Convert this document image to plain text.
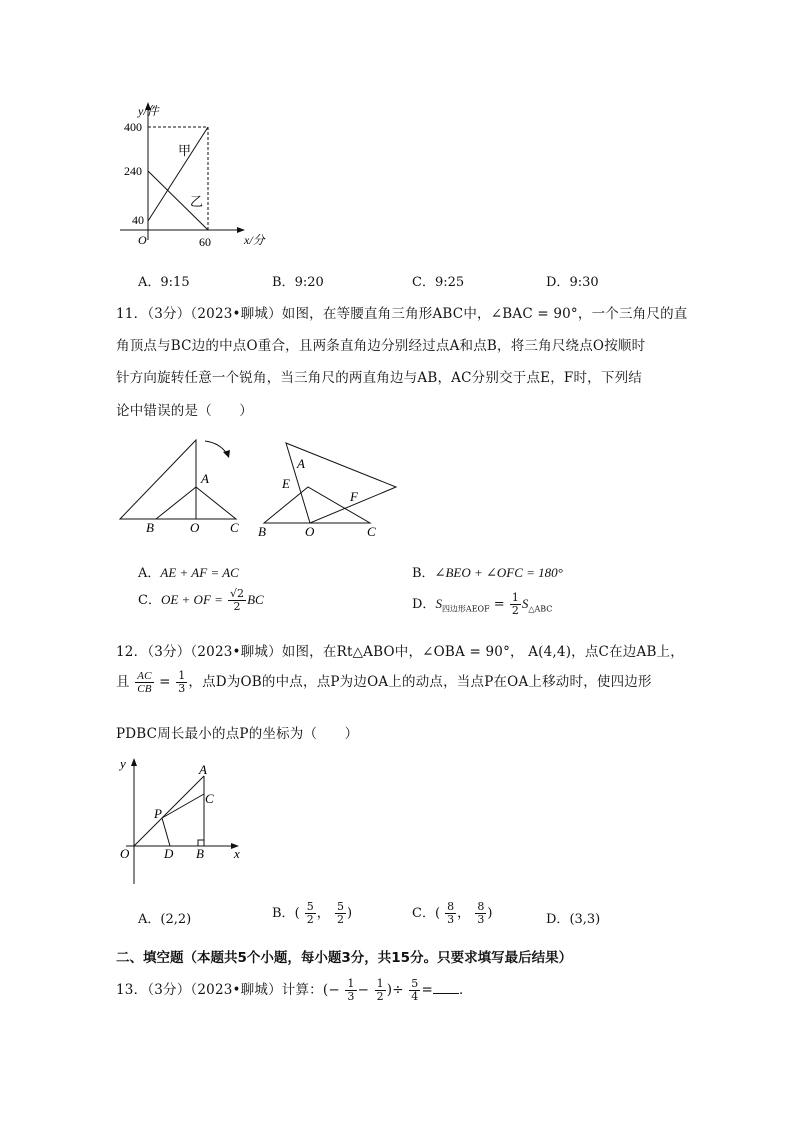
y/件
400
240
40
O	60	x/分
甲
乙
A．9:15	B．9:20	C．9:25	D．9:30
11．（3分）（2023•聊城）如图，在等腰直角三角形ABC中，∠BAC = 90°，一个三角尺的直
角顶点与BC边的中点O重合，且两条直角边分别经过点A和点B，将三角尺绕点O按顺时
针方向旋转任意一个锐角，当三角尺的两直角边与AB，AC分别交于点E，F时，下列结
论中错误的是（　　）
A
B	O C
A
E
F
B	O	C
A．AE + AF = AC	B．∠BEO + ∠OFC = 180°
C．OE + OF = $\frac{√2}{2}$ BC	D．$S_{四边形AEOF} = \frac{1}{2} S_{\triangle ABC}$
12．（3分）（2023•聊城）如图，在Rt△ABO中，∠OBA = 90°， A(4,4)，点C在边AB上，
且 $\frac{AC}{CB} = \frac{1}{3}$ ，点D为OB的中点，点P为边OA上的动点，当点P在OA上移动时，使四边形
PDBC周长最小的点P的坐标为（　　）
y	A
C
P
O	D B x
A．(2,2)	B．( $\frac{5}{2}$ ， $\frac{5}{2}$ )	C．( $\frac{8}{3}$ ， $\frac{8}{3}$ )	D．(3,3)
二、填空题（本题共5个小题，每小题3分，共15分。只要求填写最后结果）
13．（3分）（2023•聊城）计算：(− $\frac{1}{3} - \frac{1}{2}$ )÷ $\frac{5}{4}$ = ．
